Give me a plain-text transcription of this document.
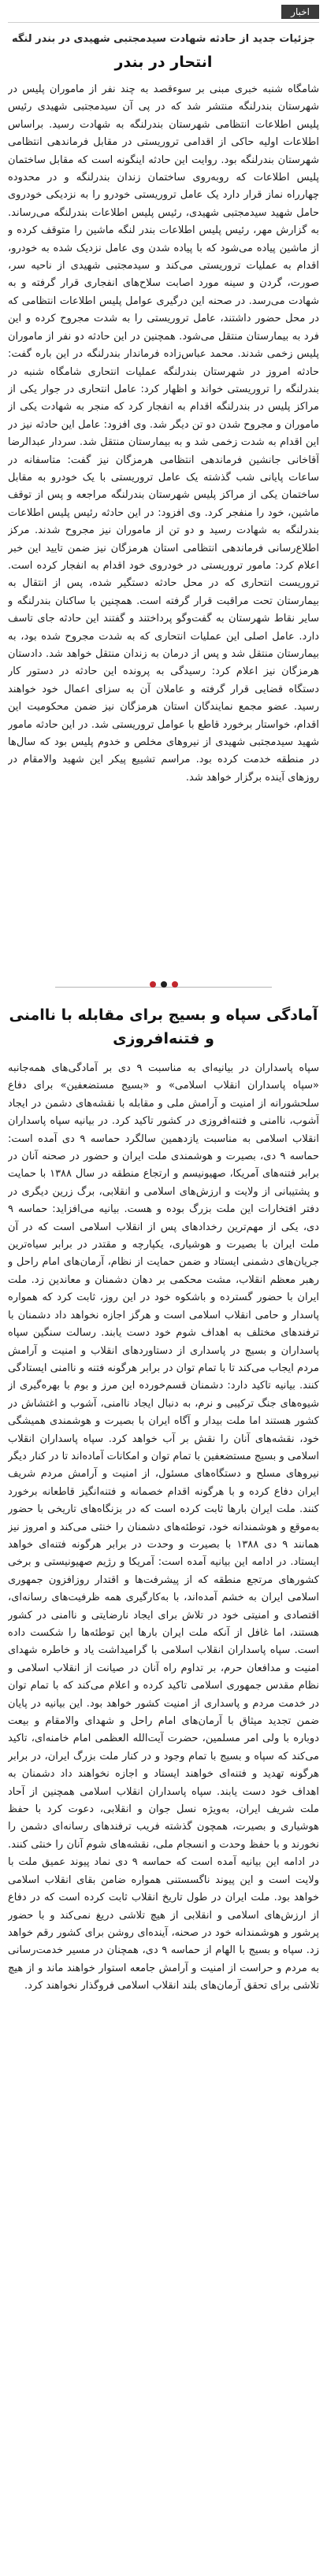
اخبار
جزئیات جدید از حادثه شهادت سیدمجتبی شهیدی در بندر لنگه
انتحار در بندر

شامگاه شنبه خبری مبنی بر سوءقصد به چند نفر از ماموران پلیس در شهرستان بندرلنگه منتشر شد که در پی آن سیدمجتبی شهیدی رئیس پلیس اطلاعات انتظامی شهرستان بندرلنگه به شهادت رسید. براساس اطلاعات اولیه حاکی از اقدامی تروریستی در مقابل فرماندهی انتظامی شهرستان بندرلنگه بود. روایت این حادثه اینگونه است که مقابل ساختمان پلیس اطلاعات که روبه‌روی ساختمان زندان بندرلنگه و در محدوده چهارراه نماز قرار دارد یک عامل تروریستی خودرو را به نزدیکی خودروی حامل شهید سیدمجتبی شهیدی، رئیس پلیس اطلاعات بندرلنگه می‌رساند. به گزارش مهر، رئیس پلیس اطلاعات بندر لنگه ماشین را متوقف کرده و از ماشین پیاده می‌شود که با پیاده شدن وی عامل نزدیک شده به خودرو، اقدام به عملیات تروریستی می‌کند و سیدمجتبی شهیدی از ناحیه سر، صورت، گردن و سینه مورد اصابت سلاح‌های انفجاری قرار گرفته و به شهادت می‌رسد. در صحنه این درگیری عوامل پلیس اطلاعات انتظامی که در محل حضور داشتند، عامل تروریستی را به شدت مجروح کرده و این فرد به بیمارستان منتقل می‌شود. همچنین در این حادثه دو نفر از ماموران پلیس زخمی شدند. محمد عباس‌زاده فرماندار بندرلنگه در این باره گفت: حادثه امروز در شهرستان بندرلنگه عملیات انتحاری شامگاه شنبه در بندرلنگه را تروریستی خواند و اظهار کرد: عامل انتحاری در جوار یکی از مراکز پلیس در بندرلنگه اقدام به انفجار کرد که منجر به شهادت یکی از ماموران و مجروح شدن دو تن دیگر شد. وی افزود: عامل این حادثه نیز در این اقدام به شدت زخمی شد و به بیمارستان منتقل شد. سردار عبدالرضا آقاخانی جانشین فرماندهی انتظامی هرمزگان نیز گفت: متاسفانه در ساعات پایانی شب گذشته یک عامل تروریستی با یک خودرو به مقابل ساختمان یکی از مراکز پلیس شهرستان بندرلنگه مراجعه و پس از توقف ماشین، خود را منفجر کرد. وی افزود: در این حادثه رئیس پلیس اطلاعات بندرلنگه به شهادت رسید و دو تن از ماموران نیز مجروح شدند. مرکز اطلاع‌رسانی فرماندهی انتظامی استان هرمزگان نیز ضمن تایید این خبر اعلام کرد: مامور تروریستی در خودروی خود اقدام به انفجار کرده است. تروریست انتحاری که در محل حادثه دستگیر شده، پس از انتقال به بیمارستان تحت مراقبت قرار گرفته است. همچنین با ساکنان بندرلنگه و سایر نقاط شهرستان به گفت‌وگو پرداختند و گفتند این حادثه جای تاسف دارد. عامل اصلی این عملیات انتحاری که به شدت مجروح شده بود، به بیمارستان منتقل شد و پس از درمان به زندان منتقل خواهد شد. دادستان هرمزگان نیز اعلام کرد: رسیدگی به پرونده این حادثه در دستور کار دستگاه قضایی قرار گرفته و عاملان آن به سزای اعمال خود خواهند رسید. عضو مجمع نمایندگان استان هرمزگان نیز ضمن محکومیت این اقدام، خواستار برخورد قاطع با عوامل تروریستی شد. در این حادثه مامور شهید سیدمجتبی شهیدی از نیروهای مخلص و خدوم پلیس بود که سال‌ها در منطقه خدمت کرده بود. مراسم تشییع پیکر این شهید والامقام در روزهای آینده برگزار خواهد شد.

آمادگی سپاه و بسیج برای مقابله با ناامنی و فتنه‌افروزی

سپاه پاسداران در بیانیه‌ای به مناسبت ۹ دی بر آمادگی‌های همه‌جانبه «سپاه پاسداران انقلاب اسلامی» و «بسیج مستضعفین» برای دفاع سلحشورانه از امنیت و آرامش ملی و مقابله با نقشه‌های دشمن در ایجاد آشوب، ناامنی و فتنه‌افروزی در کشور تاکید کرد. در بیانیه سپاه پاسداران انقلاب اسلامی به مناسبت یازدهمین سالگرد حماسه ۹ دی آمده است: حماسه ۹ دی، بصیرت و هوشمندی ملت ایران و حضور در صحنه آنان در برابر فتنه‌های آمریکا، صهیونیسم و ارتجاع منطقه در سال ۱۳۸۸ با حمایت و پشتیبانی از ولایت و ارزش‌های اسلامی و انقلابی، برگ زرین دیگری در دفتر افتخارات این ملت بزرگ بوده و هست. بیانیه می‌افزاید: حماسه ۹ دی، یکی از مهم‌ترین رخدادهای پس از انقلاب اسلامی است که در آن ملت ایران با بصیرت و هوشیاری، یکپارچه و مقتدر در برابر سیاه‌ترین جریان‌های دشمنی ایستاد و ضمن حمایت از نظام، آرمان‌های امام راحل و رهبر معظم انقلاب، مشت محکمی بر دهان دشمنان و معاندین زد. ملت ایران با حضور گسترده و باشکوه خود در این روز، ثابت کرد که همواره پاسدار و حامی انقلاب اسلامی است و هرگز اجازه نخواهد داد دشمنان با ترفندهای مختلف به اهداف شوم خود دست یابند. رسالت سنگین سپاه پاسداران و بسیج در پاسداری از دستاوردهای انقلاب و امنیت و آرامش مردم ایجاب می‌کند تا با تمام توان در برابر هرگونه فتنه و ناامنی ایستادگی کنند. بیانیه تاکید دارد: دشمنان قسم‌خورده این مرز و بوم با بهره‌گیری از شیوه‌های جنگ ترکیبی و نرم، به دنبال ایجاد ناامنی، آشوب و اغتشاش در کشور هستند اما ملت بیدار و آگاه ایران با بصیرت و هوشمندی همیشگی خود، نقشه‌های آنان را نقش بر آب خواهد کرد. سپاه پاسداران انقلاب اسلامی و بسیج مستضعفین با تمام توان و امکانات آماده‌اند تا در کنار دیگر نیروهای مسلح و دستگاه‌های مسئول، از امنیت و آرامش مردم شریف ایران دفاع کرده و با هرگونه اقدام خصمانه و فتنه‌انگیز قاطعانه برخورد کنند. ملت ایران بارها ثابت کرده است که در بزنگاه‌های تاریخی با حضور به‌موقع و هوشمندانه خود، توطئه‌های دشمنان را خنثی می‌کند و امروز نیز همانند ۹ دی ۱۳۸۸ با بصیرت و وحدت در برابر هرگونه فتنه‌ای خواهد ایستاد. در ادامه این بیانیه آمده است: آمریکا و رژیم صهیونیستی و برخی کشورهای مرتجع منطقه که از پیشرفت‌ها و اقتدار روزافزون جمهوری اسلامی ایران به خشم آمده‌اند، با به‌کارگیری همه ظرفیت‌های رسانه‌ای، اقتصادی و امنیتی خود در تلاش برای ایجاد نارضایتی و ناامنی در کشور هستند، اما غافل از آنکه ملت ایران بارها این توطئه‌ها را شکست داده است. سپاه پاسداران انقلاب اسلامی با گرامیداشت یاد و خاطره شهدای امنیت و مدافعان حرم، بر تداوم راه آنان در صیانت از انقلاب اسلامی و نظام مقدس جمهوری اسلامی تاکید کرده و اعلام می‌کند که با تمام توان در خدمت مردم و پاسداری از امنیت کشور خواهد بود. این بیانیه در پایان ضمن تجدید میثاق با آرمان‌های امام راحل و شهدای والامقام و بیعت دوباره با ولی امر مسلمین، حضرت آیت‌الله العظمی امام خامنه‌ای، تاکید می‌کند که سپاه و بسیج با تمام وجود و در کنار ملت بزرگ ایران، در برابر هرگونه تهدید و فتنه‌ای خواهند ایستاد و اجازه نخواهند داد دشمنان به اهداف خود دست یابند. سپاه پاسداران انقلاب اسلامی همچنین از آحاد ملت شریف ایران، به‌ویژه نسل جوان و انقلابی، دعوت کرد با حفظ هوشیاری و بصیرت، همچون گذشته فریب ترفندهای رسانه‌ای دشمن را نخورند و با حفظ وحدت و انسجام ملی، نقشه‌های شوم آنان را خنثی کنند. در ادامه این بیانیه آمده است که حماسه ۹ دی نماد پیوند عمیق ملت با ولایت است و این پیوند ناگسستنی همواره ضامن بقای انقلاب اسلامی خواهد بود. ملت ایران در طول تاریخ انقلاب ثابت کرده است که در دفاع از ارزش‌های اسلامی و انقلابی از هیچ تلاشی دریغ نمی‌کند و با حضور پرشور و هوشمندانه خود در صحنه، آینده‌ای روشن برای کشور رقم خواهد زد. سپاه و بسیج با الهام از حماسه ۹ دی، همچنان در مسیر خدمت‌رسانی به مردم و حراست از امنیت و آرامش جامعه استوار خواهند ماند و از هیچ تلاشی برای تحقق آرمان‌های بلند انقلاب اسلامی فروگذار نخواهند کرد.
